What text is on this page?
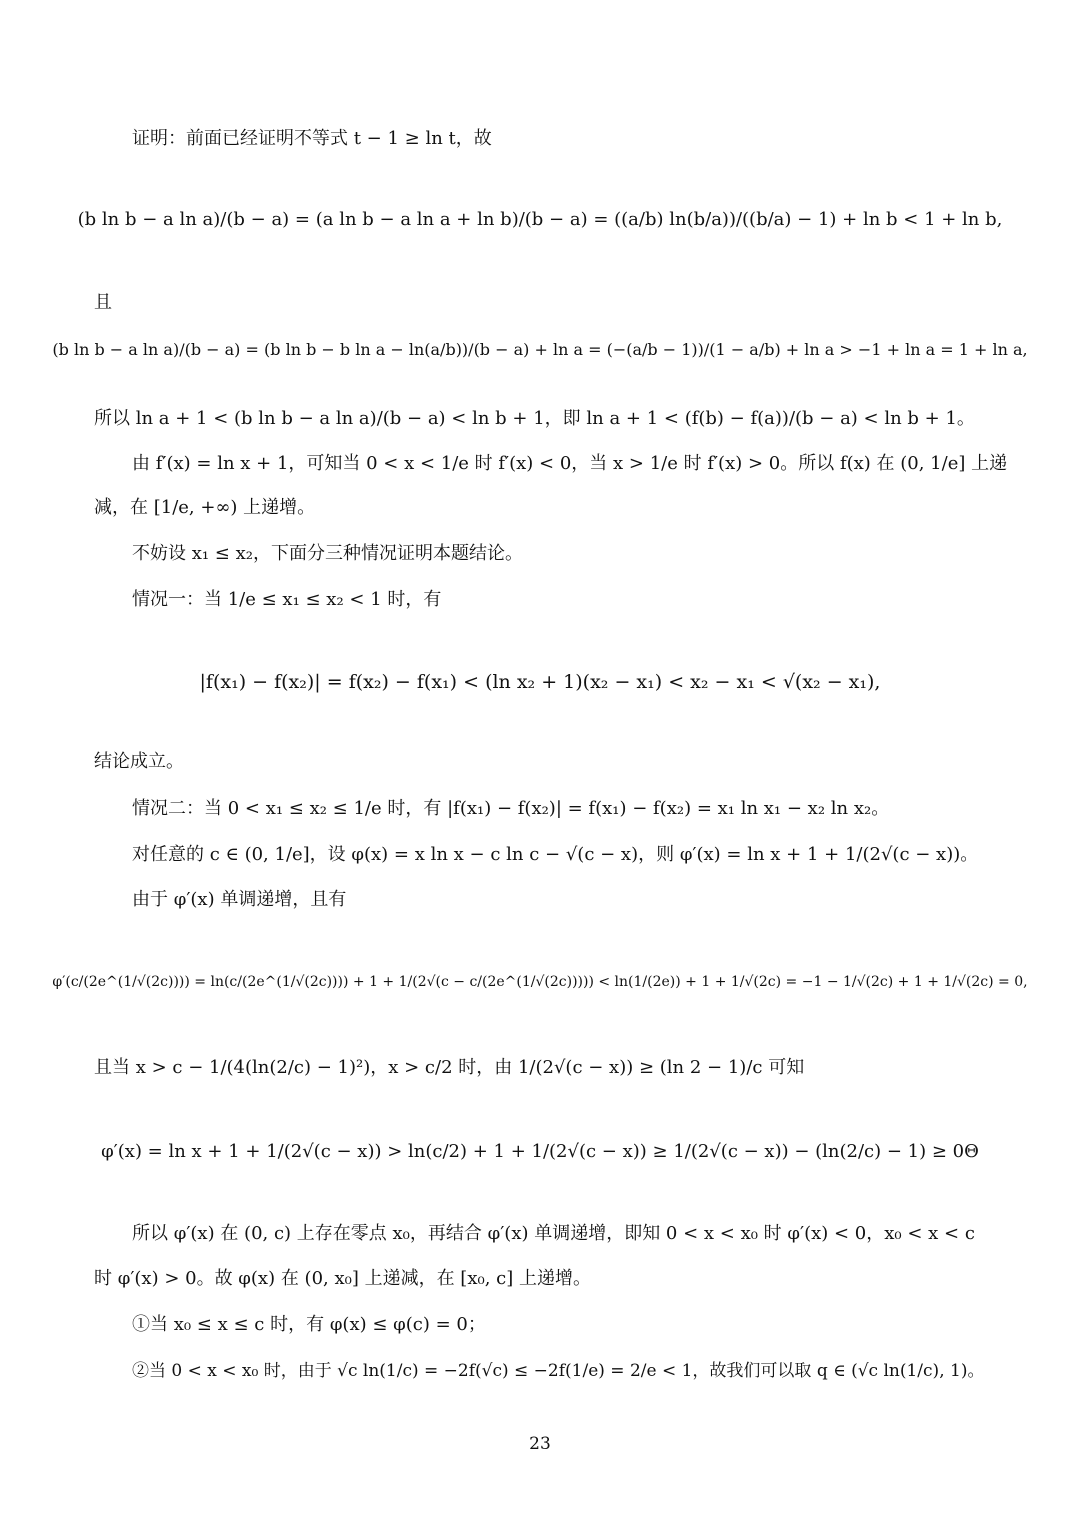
证明：前面已经证明不等式 t − 1 ≥ ln t，故
(b ln b − a ln a)/(b − a) = (a ln b − a ln a + ln b)/(b − a) = ((a/b) ln(b/a))/((b/a) − 1) + ln b < 1 + ln b,
且
(b ln b − a ln a)/(b − a) = (b ln b − b ln a − ln(a/b))/(b − a) + ln a = (−(a/b − 1))/(1 − a/b) + ln a > −1 + ln a = 1 + ln a,
所以 ln a + 1 < (b ln b − a ln a)/(b − a) < ln b + 1，即 ln a + 1 < (f(b) − f(a))/(b − a) < ln b + 1。
由 f′(x) = ln x + 1，可知当 0 < x < 1/e 时 f′(x) < 0，当 x > 1/e 时 f′(x) > 0。所以 f(x) 在 (0, 1/e] 上递
减，在 [1/e, +∞) 上递增。
不妨设 x₁ ≤ x₂，下面分三种情况证明本题结论。
情况一：当 1/e ≤ x₁ ≤ x₂ < 1 时，有
|f(x₁) − f(x₂)| = f(x₂) − f(x₁) < (ln x₂ + 1)(x₂ − x₁) < x₂ − x₁ < √(x₂ − x₁),
结论成立。
情况二：当 0 < x₁ ≤ x₂ ≤ 1/e 时，有 |f(x₁) − f(x₂)| = f(x₁) − f(x₂) = x₁ ln x₁ − x₂ ln x₂。
对任意的 c ∈ (0, 1/e]，设 φ(x) = x ln x − c ln c − √(c − x)，则 φ′(x) = ln x + 1 + 1/(2√(c − x))。
由于 φ′(x) 单调递增，且有
φ′(c/(2e^(1/√(2c)))) = ln(c/(2e^(1/√(2c)))) + 1 + 1/(2√(c − c/(2e^(1/√(2c))))) < ln(1/(2e)) + 1 + 1/√(2c) = −1 − 1/√(2c) + 1 + 1/√(2c) = 0,
且当 x > c − 1/(4(ln(2/c) − 1)²)，x > c/2 时，由 1/(2√(c − x)) ≥ (ln 2 − 1)/c 可知
φ′(x) = ln x + 1 + 1/(2√(c − x)) > ln(c/2) + 1 + 1/(2√(c − x)) ≥ 1/(2√(c − x)) − (ln(2/c) − 1) ≥ 0Θ
所以 φ′(x) 在 (0, c) 上存在零点 x₀，再结合 φ′(x) 单调递增，即知 0 < x < x₀ 时 φ′(x) < 0，x₀ < x < c
时 φ′(x) > 0。故 φ(x) 在 (0, x₀] 上递减，在 [x₀, c] 上递增。
①当 x₀ ≤ x ≤ c 时，有 φ(x) ≤ φ(c) = 0；
②当 0 < x < x₀ 时，由于 √c ln(1/c) = −2f(√c) ≤ −2f(1/e) = 2/e < 1，故我们可以取 q ∈ (√c ln(1/c), 1)。
23
